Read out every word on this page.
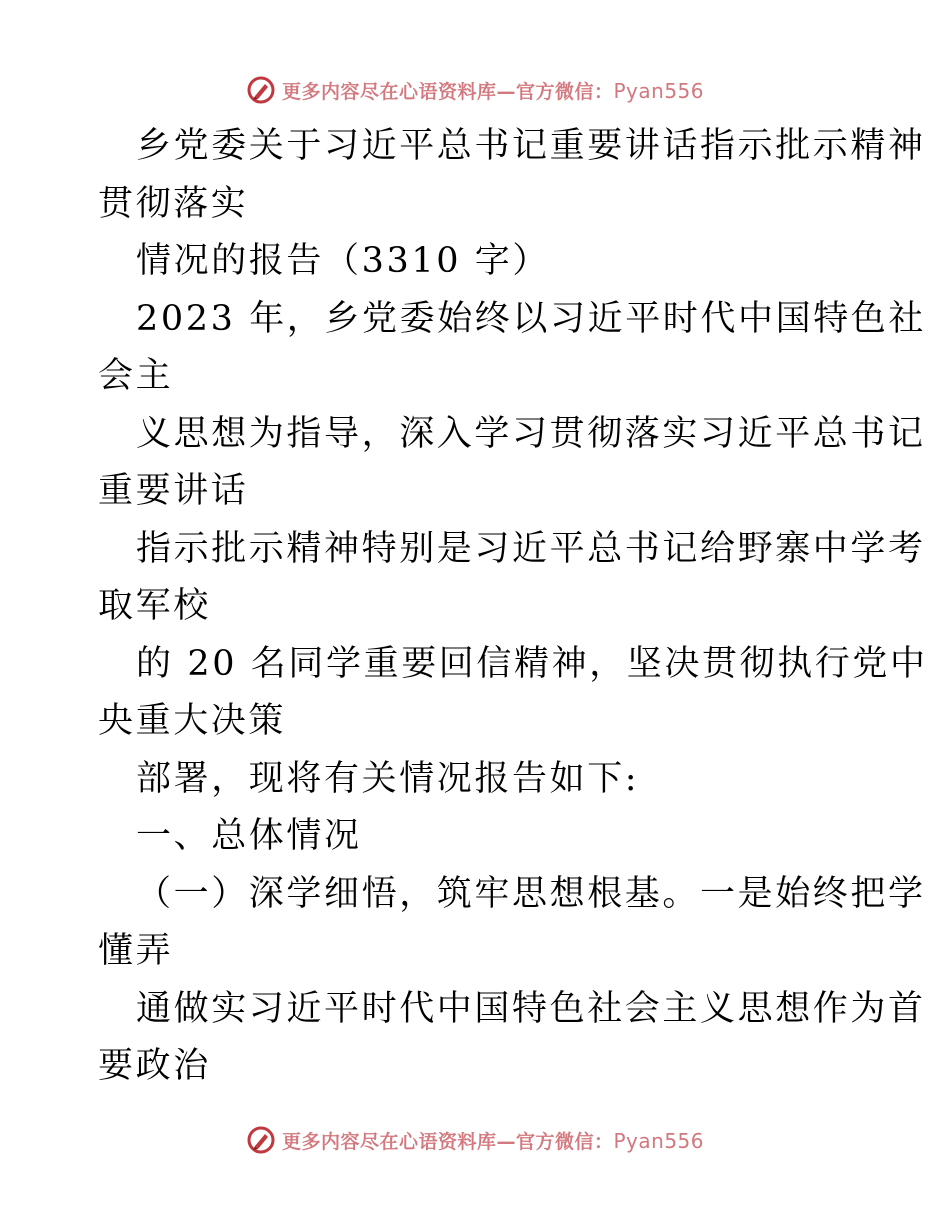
更多内容尽在心语资料库—官方微信：Pyan556
乡党委关于习近平总书记重要讲话指示批示精神
贯彻落实
情况的报告（3310 字）
2023 年，乡党委始终以习近平时代中国特色社
会主
义思想为指导，深入学习贯彻落实习近平总书记
重要讲话
指示批示精神特别是习近平总书记给野寨中学考
取军校
的 20 名同学重要回信精神，坚决贯彻执行党中
央重大决策
部署，现将有关情况报告如下:
一、总体情况
（一）深学细悟，筑牢思想根基。一是始终把学
懂弄
通做实习近平时代中国特色社会主义思想作为首
要政治
更多内容尽在心语资料库—官方微信：Pyan556
